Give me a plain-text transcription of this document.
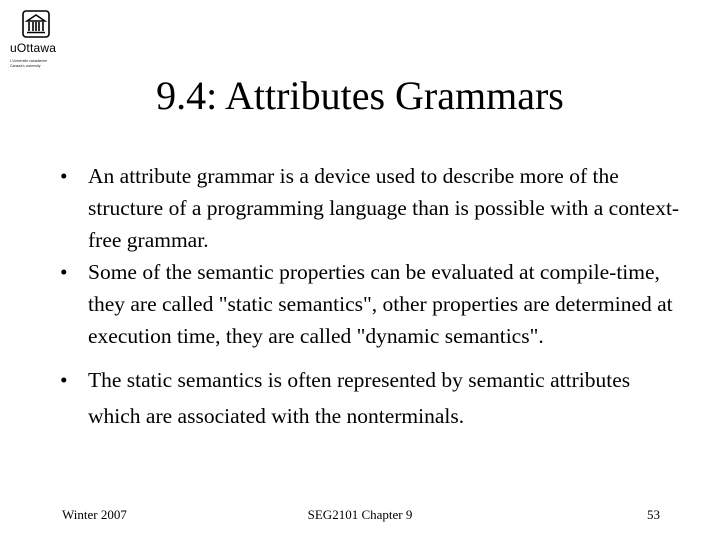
uOttawa
L’Université canadienne
Canada’s university
9.4: Attributes Grammars
• An attribute grammar is a device used to describe more of the structure of a programming language than is possible with a context-free grammar.
• Some of the semantic properties can be evaluated at compile-time, they are called "static semantics", other properties are determined at execution time, they are called "dynamic semantics".
• The static semantics is often represented by semantic attributes which are associated with the nonterminals.
Winter 2007	SEG2101 Chapter 9	53
